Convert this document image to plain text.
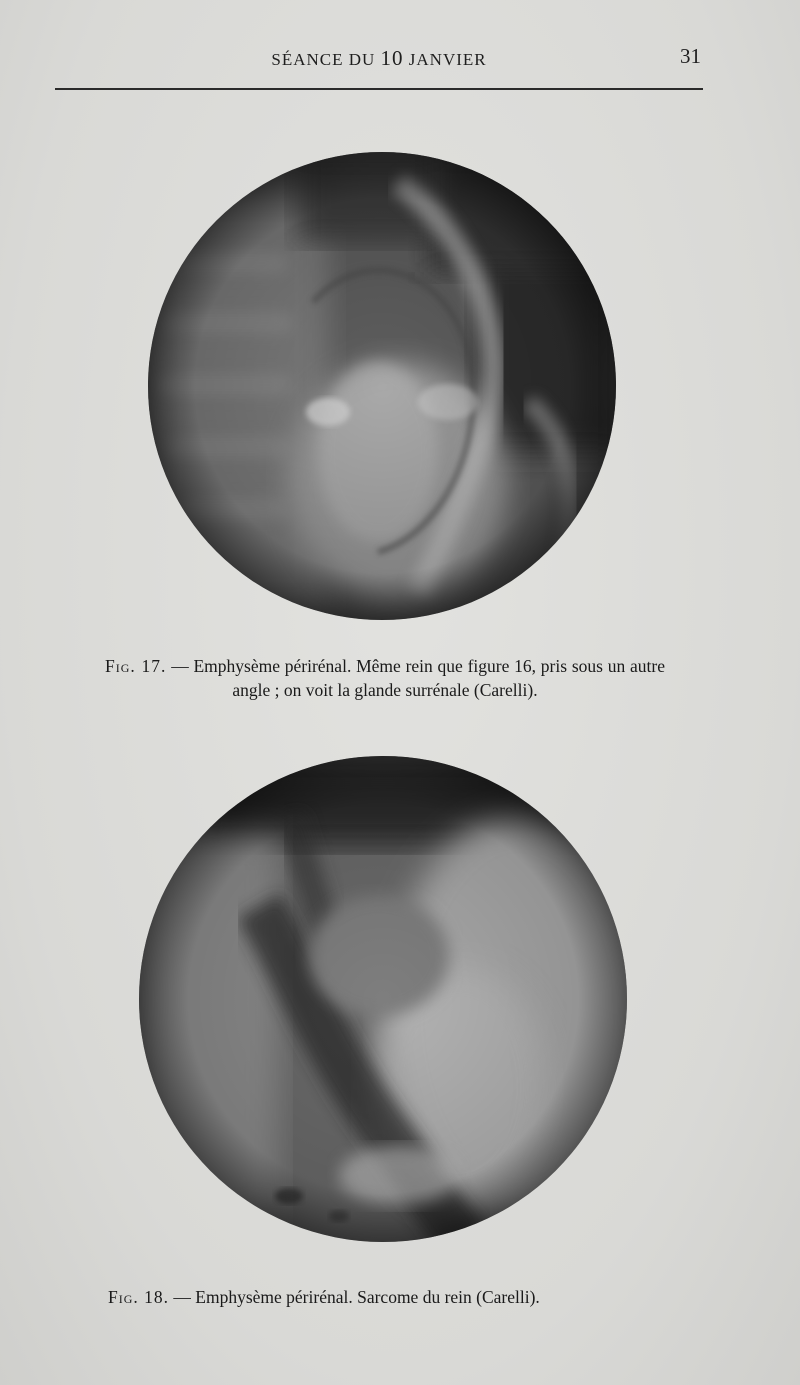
SÉANCE DU 10 JANVIER	31
Fig. 17. — Emphysème périrénal. Même rein que figure 16, pris sous un autre angle ; on voit la glande surrénale (Carelli).
Fig. 18. — Emphysème périrénal. Sarcome du rein (Carelli).
